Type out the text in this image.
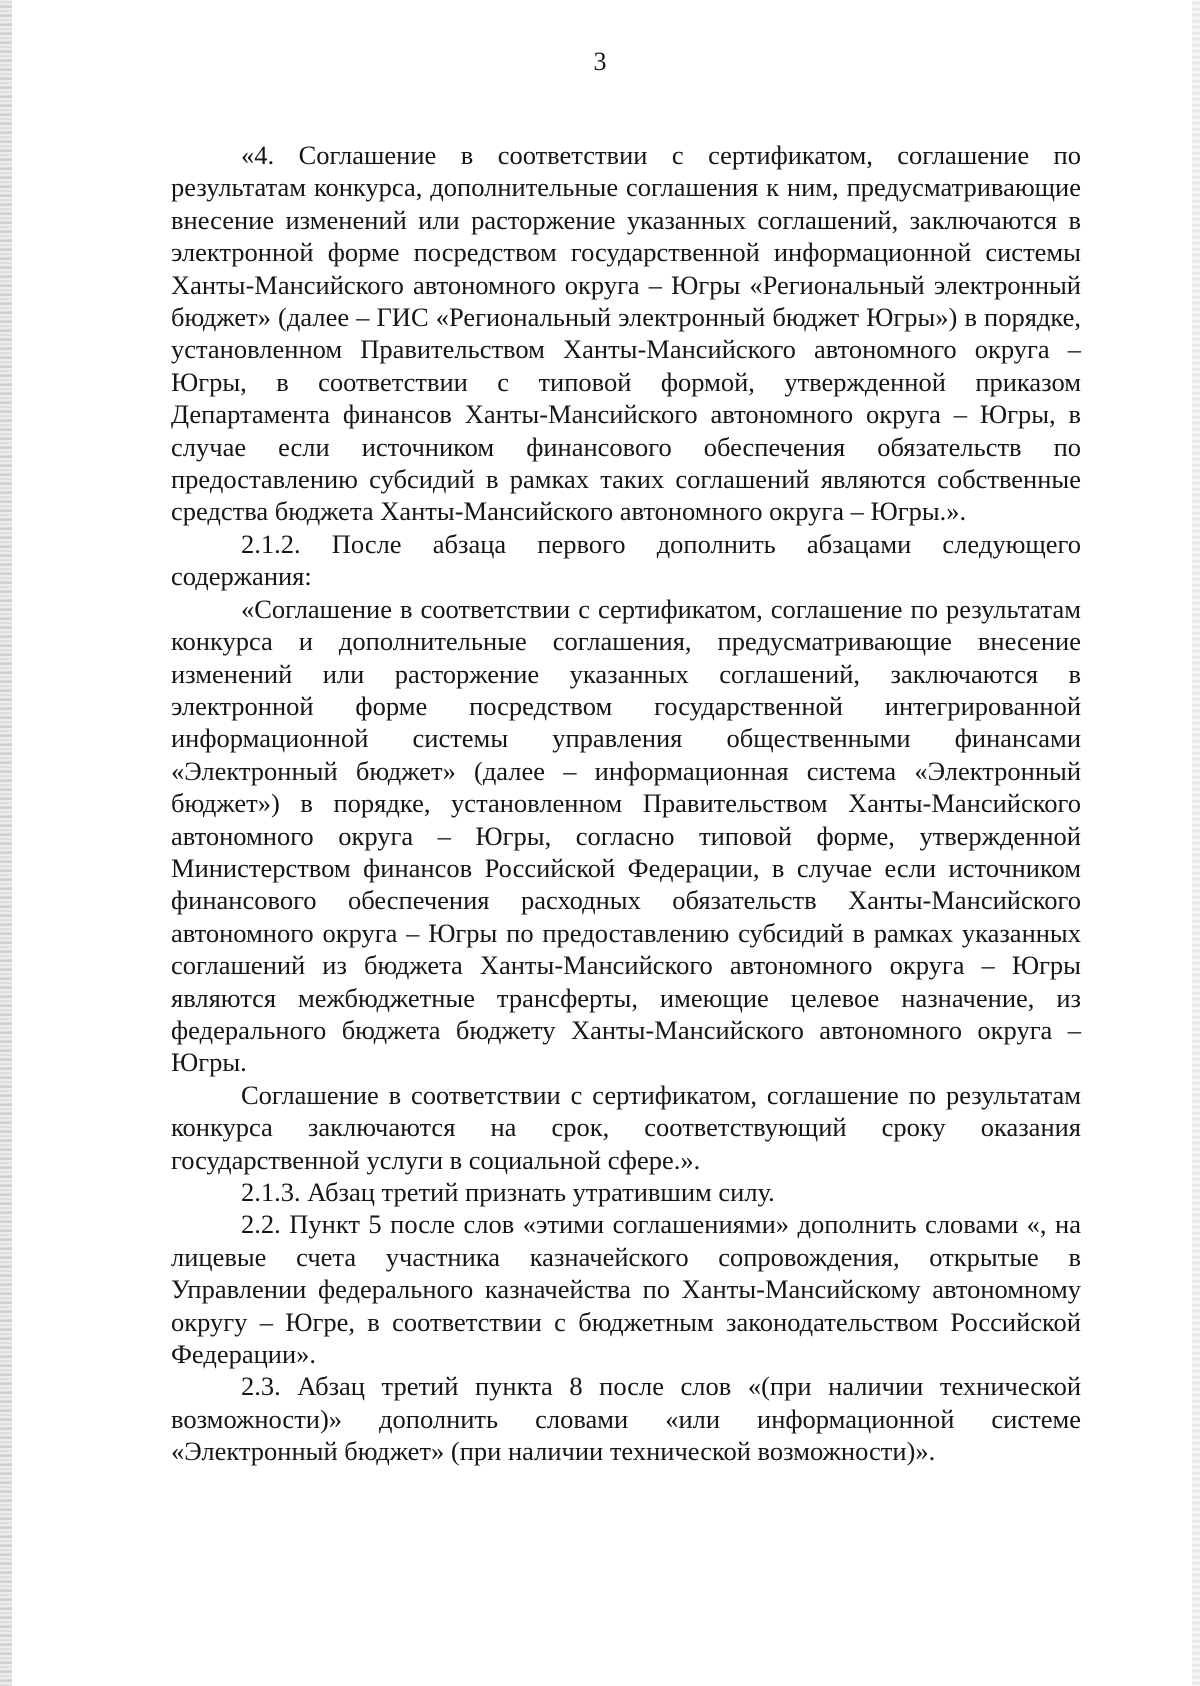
3

«4. Соглашение в соответствии с сертификатом, соглашение по результатам конкурса, дополнительные соглашения к ним, предусматривающие внесение изменений или расторжение указанных соглашений, заключаются в электронной форме посредством государственной информационной системы Ханты-Мансийского автономного округа – Югры «Региональный электронный бюджет» (далее – ГИС «Региональный электронный бюджет Югры») в порядке, установленном Правительством Ханты-Мансийского автономного округа – Югры, в соответствии с типовой формой, утвержденной приказом Департамента финансов Ханты-Мансийского автономного округа – Югры, в случае если источником финансового обеспечения обязательств по предоставлению субсидий в рамках таких соглашений являются собственные средства бюджета Ханты-Мансийского автономного округа – Югры.».

2.1.2. После абзаца первого дополнить абзацами следующего содержания:

«Соглашение в соответствии с сертификатом, соглашение по результатам конкурса и дополнительные соглашения, предусматривающие внесение изменений или расторжение указанных соглашений, заключаются в электронной форме посредством государственной интегрированной информационной системы управления общественными финансами «Электронный бюджет» (далее – информационная система «Электронный бюджет») в порядке, установленном Правительством Ханты-Мансийского автономного округа – Югры, согласно типовой форме, утвержденной Министерством финансов Российской Федерации, в случае если источником финансового обеспечения расходных обязательств Ханты-Мансийского автономного округа – Югры по предоставлению субсидий в рамках указанных соглашений из бюджета Ханты-Мансийского автономного округа – Югры являются межбюджетные трансферты, имеющие целевое назначение, из федерального бюджета бюджету Ханты-Мансийского автономного округа – Югры.

Соглашение в соответствии с сертификатом, соглашение по результатам конкурса заключаются на срок, соответствующий сроку оказания государственной услуги в социальной сфере.».

2.1.3. Абзац третий признать утратившим силу.

2.2. Пункт 5 после слов «этими соглашениями» дополнить словами «, на лицевые счета участника казначейского сопровождения, открытые в Управлении федерального казначейства по Ханты-Мансийскому автономному округу – Югре, в соответствии с бюджетным законодательством Российской Федерации».

2.3. Абзац третий пункта 8 после слов «(при наличии технической возможности)» дополнить словами «или информационной системе «Электронный бюджет» (при наличии технической возможности)».
